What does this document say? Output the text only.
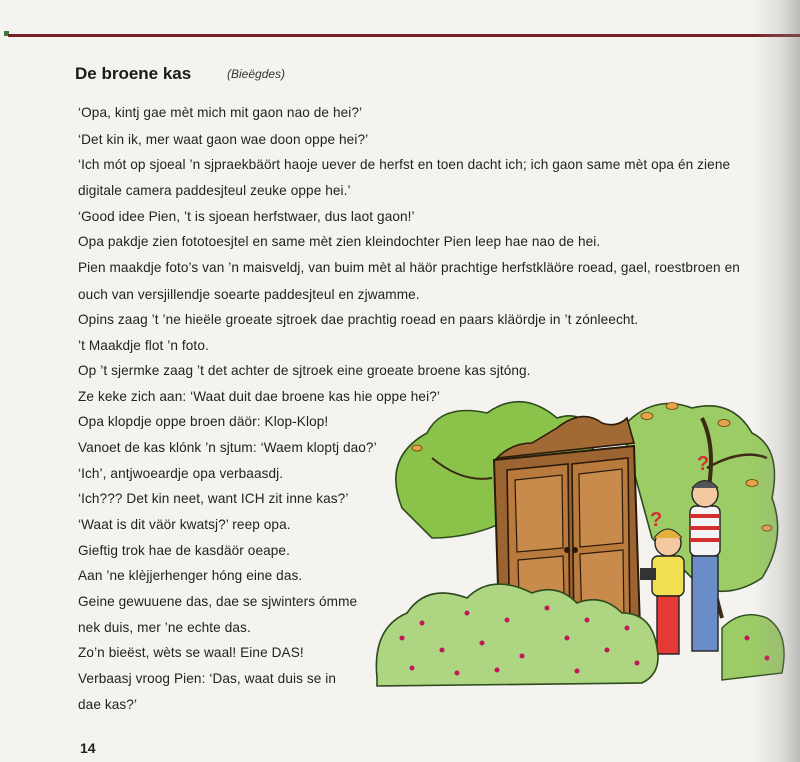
De broene kas	(Bieëgdes)
‘Opa, kintj gae mèt mich mit gaon nao de hei?’
‘Det kin ik, mer waat gaon wae doon oppe hei?’
‘Ich mót op sjoeal ’n sjpraekbäört haoje uever de herfst en toen dacht ich; ich gaon same mèt opa én ziene
digitale camera paddesjteul zeuke oppe hei.’
‘Good idee Pien, ’t is sjoean herfstwaer, dus laot gaon!’
Opa pakdje zien fototoesjtel en same mèt zien kleindochter Pien leep hae nao de hei.
Pien maakdje foto’s van ’n maisveldj, van buim mèt al häör prachtige herfstkläöre roead, gael, roestbroen en
ouch van versjillendje soearte paddesjteul en zjwamme.
Opins zaag ’t ’ne hieële groeate sjtroek dae prachtig roead en paars kläördje in ’t zónleecht.
’t Maakdje flot ’n foto.
Op ’t sjermke zaag ’t det achter de sjtroek eine groeate broene kas sjtóng.
Ze keke zich aan: ‘Waat duit dae broene kas hie oppe hei?’
Opa klopdje oppe broen däör: Klop-Klop!
Vanoet de kas klónk ’n sjtum: ‘Waem kloptj dao?’
‘Ich’, antjwoeardje opa verbaasdj.
‘Ich??? Det kin neet, want ICH zit inne kas?’
‘Waat is dit väör kwatsj?’ reep opa.
Gieftig trok hae de kasdäör oeape.
Aan ’ne klèjjerhenger hóng eine das.
Geine gewuuene das, dae se sjwinters ómme
nek duis, mer ’ne echte das.
Zo’n bieëst, wèts se waal! Eine DAS!
Verbaasj vroog Pien: ‘Das, waat duis se in
dae kas?’
?
?
14
